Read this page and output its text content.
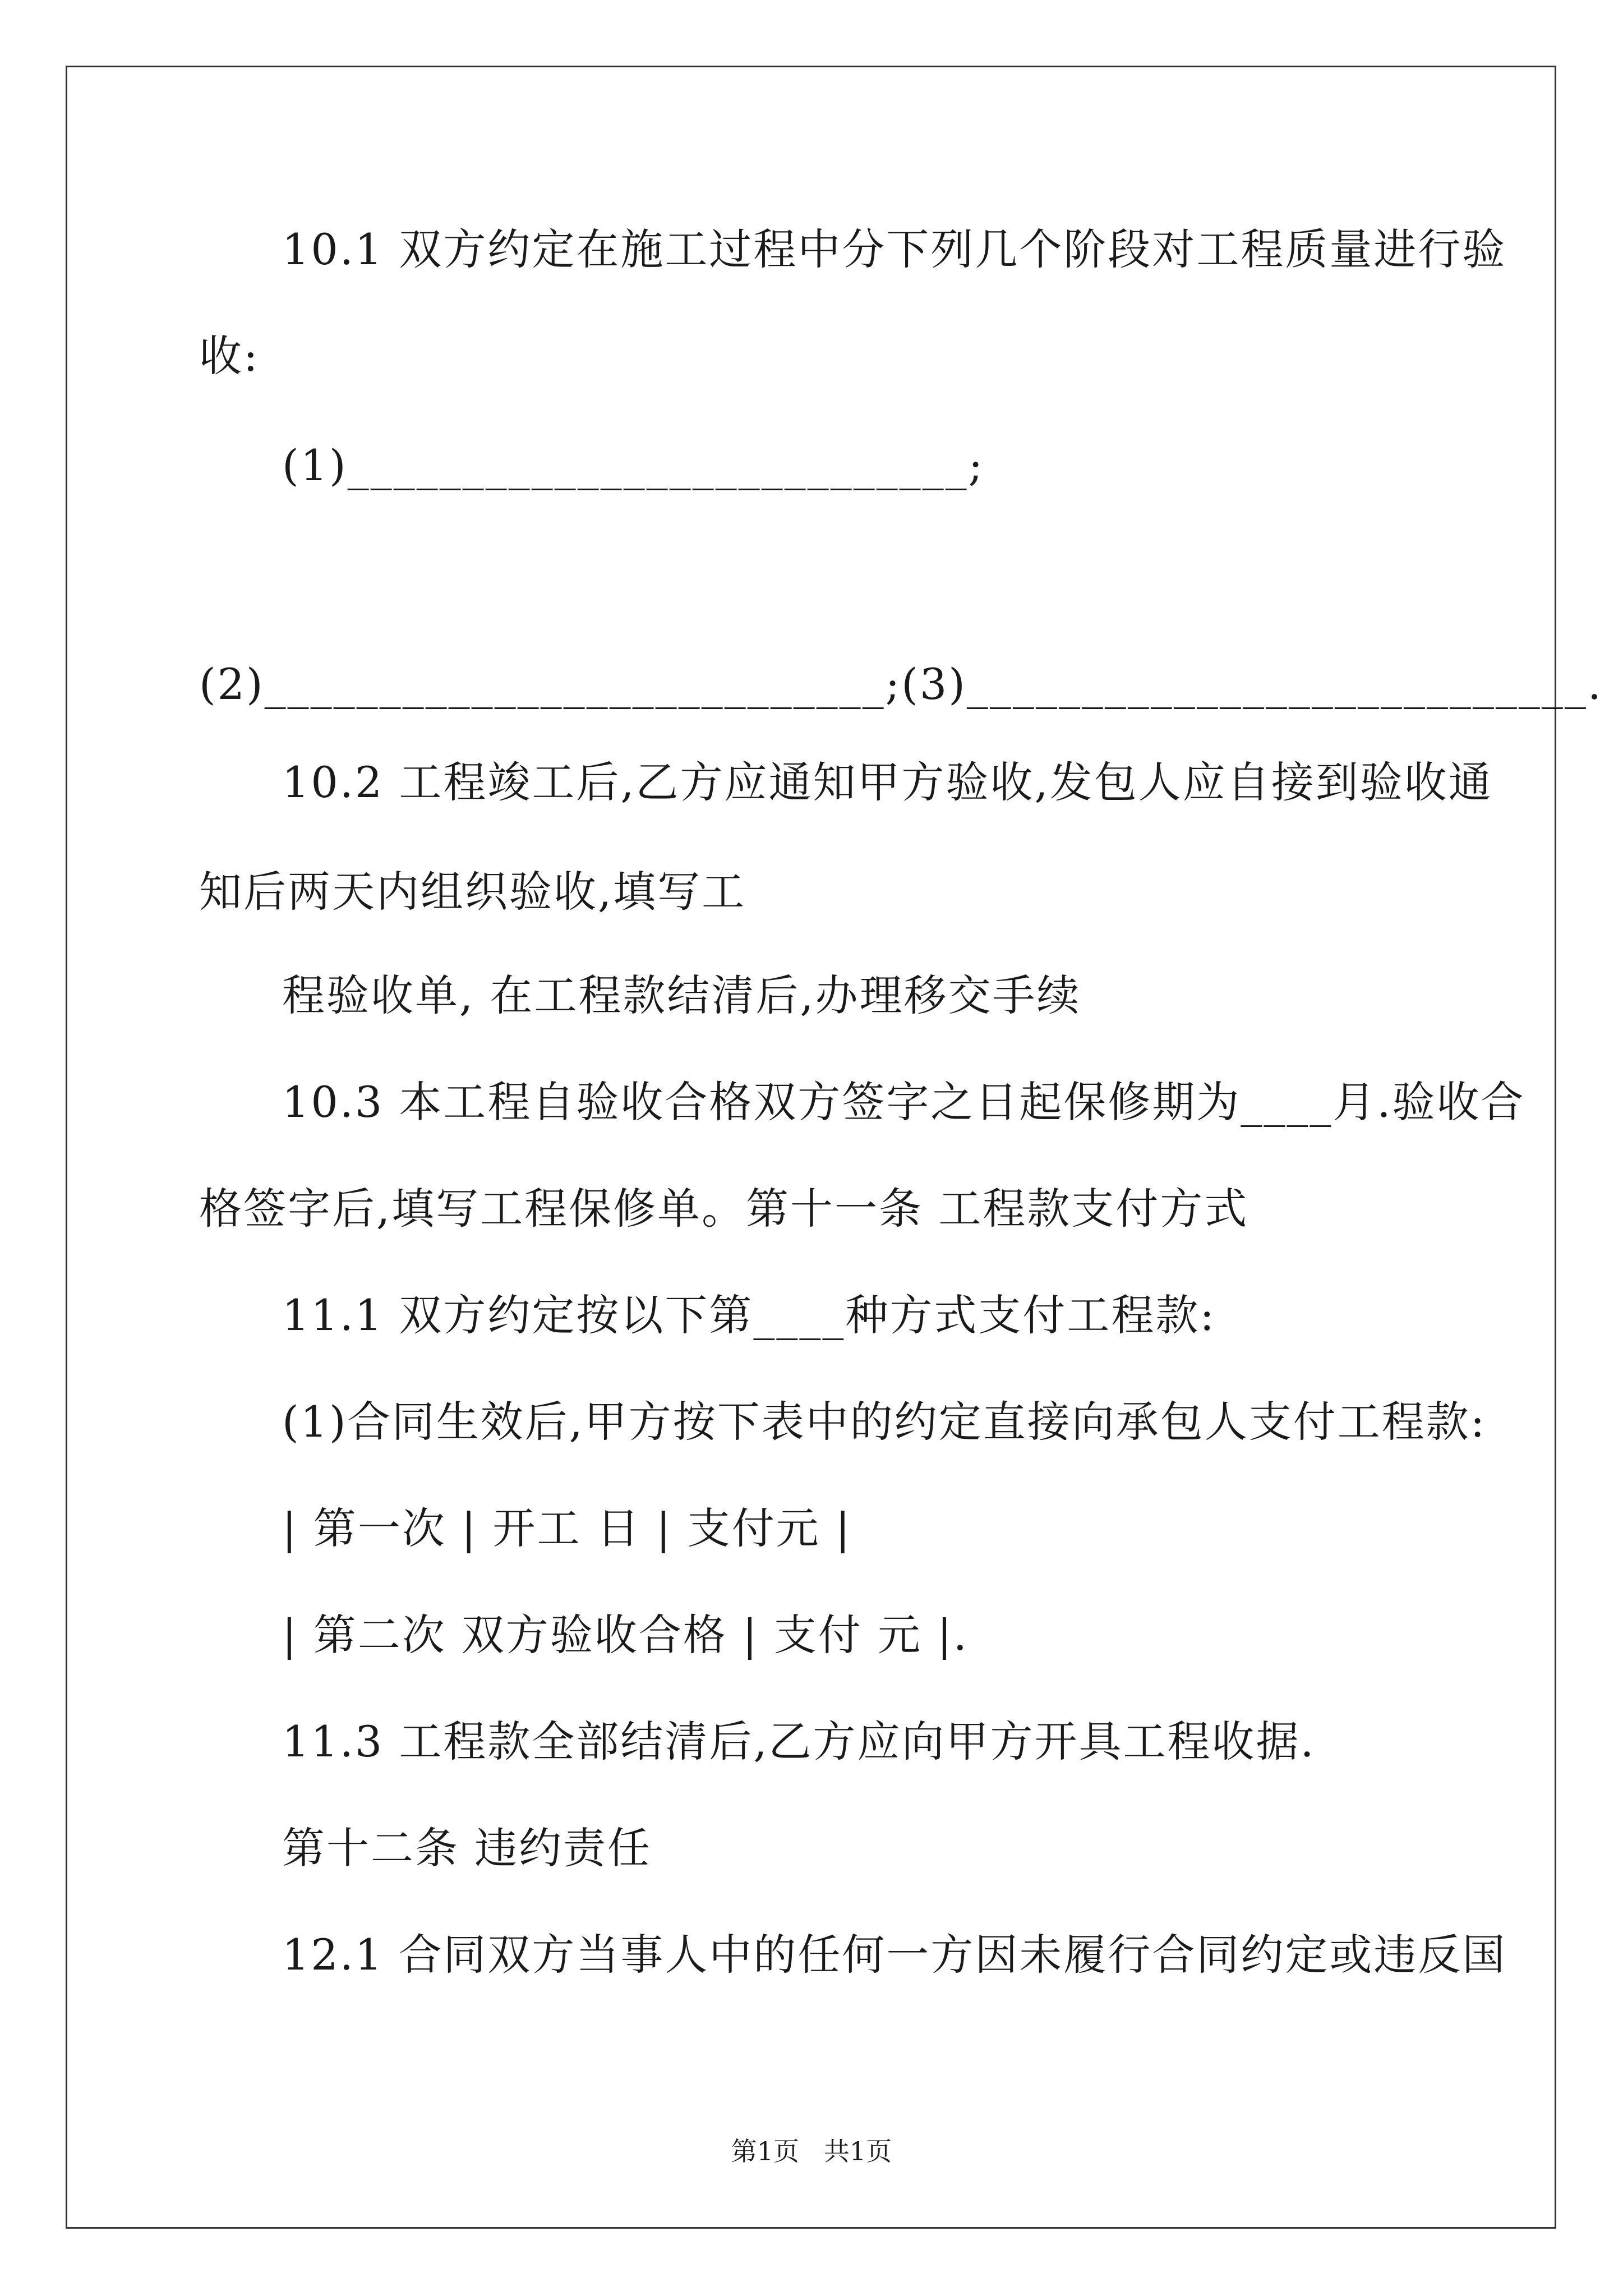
10.1 双方约定在施工过程中分下列几个阶段对工程质量进行验
收:
(1)___________________________;
(2)___________________________;(3)___________________________.
10.2 工程竣工后,乙方应通知甲方验收,发包人应自接到验收通
知后两天内组织验收,填写工
程验收单, 在工程款结清后,办理移交手续
10.3 本工程自验收合格双方签字之日起保修期为____月.验收合
格签字后,填写工程保修单。第十一条 工程款支付方式
11.1 双方约定按以下第____种方式支付工程款:
(1)合同生效后,甲方按下表中的约定直接向承包人支付工程款:
| 第一次 | 开工 日 | 支付元 |
| 第二次 双方验收合格 | 支付 元 |.
11.3 工程款全部结清后,乙方应向甲方开具工程收据.
第十二条 违约责任
12.1 合同双方当事人中的任何一方因未履行合同约定或违反国
第1页   共1页
